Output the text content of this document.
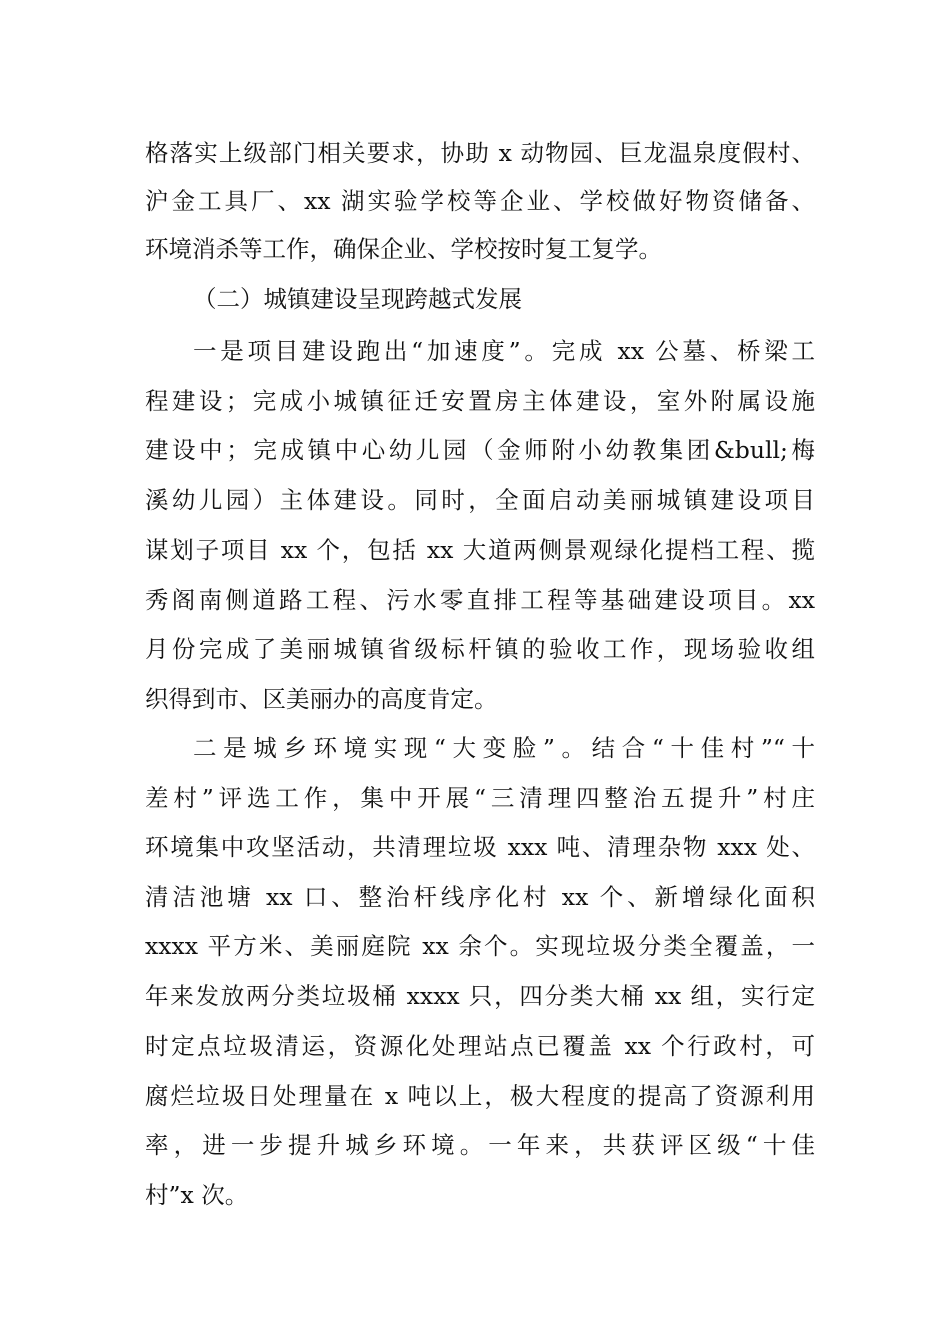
格落实上级部门相关要求，协助 x 动物园、巨龙温泉度假村、
沪金工具厂、xx 湖实验学校等企业、学校做好物资储备、
环境消杀等工作，确保企业、学校按时复工复学。
（二）城镇建设呈现跨越式发展
一是项目建设跑出“加速度”。完成 xx 公墓、桥梁工
程建设；完成小城镇征迁安置房主体建设，室外附属设施
建设中；完成镇中心幼儿园（金师附小幼教集团&bull;梅
溪幼儿园）主体建设。同时，全面启动美丽城镇建设项目
谋划子项目 xx 个，包括 xx 大道两侧景观绿化提档工程、揽
秀阁南侧道路工程、污水零直排工程等基础建设项目。xx
月份完成了美丽城镇省级标杆镇的验收工作，现场验收组
织得到市、区美丽办的高度肯定。
二是城乡环境实现“大变脸”。结合“十佳村”“十
差村”评选工作，集中开展“三清理四整治五提升”村庄
环境集中攻坚活动，共清理垃圾 xxx 吨、清理杂物 xxx 处、
清洁池塘 xx 口、整治杆线序化村 xx 个、新增绿化面积
xxxx 平方米、美丽庭院 xx 余个。实现垃圾分类全覆盖，一
年来发放两分类垃圾桶 xxxx 只，四分类大桶 xx 组，实行定
时定点垃圾清运，资源化处理站点已覆盖 xx 个行政村，可
腐烂垃圾日处理量在 x 吨以上，极大程度的提高了资源利用
率，进一步提升城乡环境。一年来，共获评区级“十佳
村”x 次。
